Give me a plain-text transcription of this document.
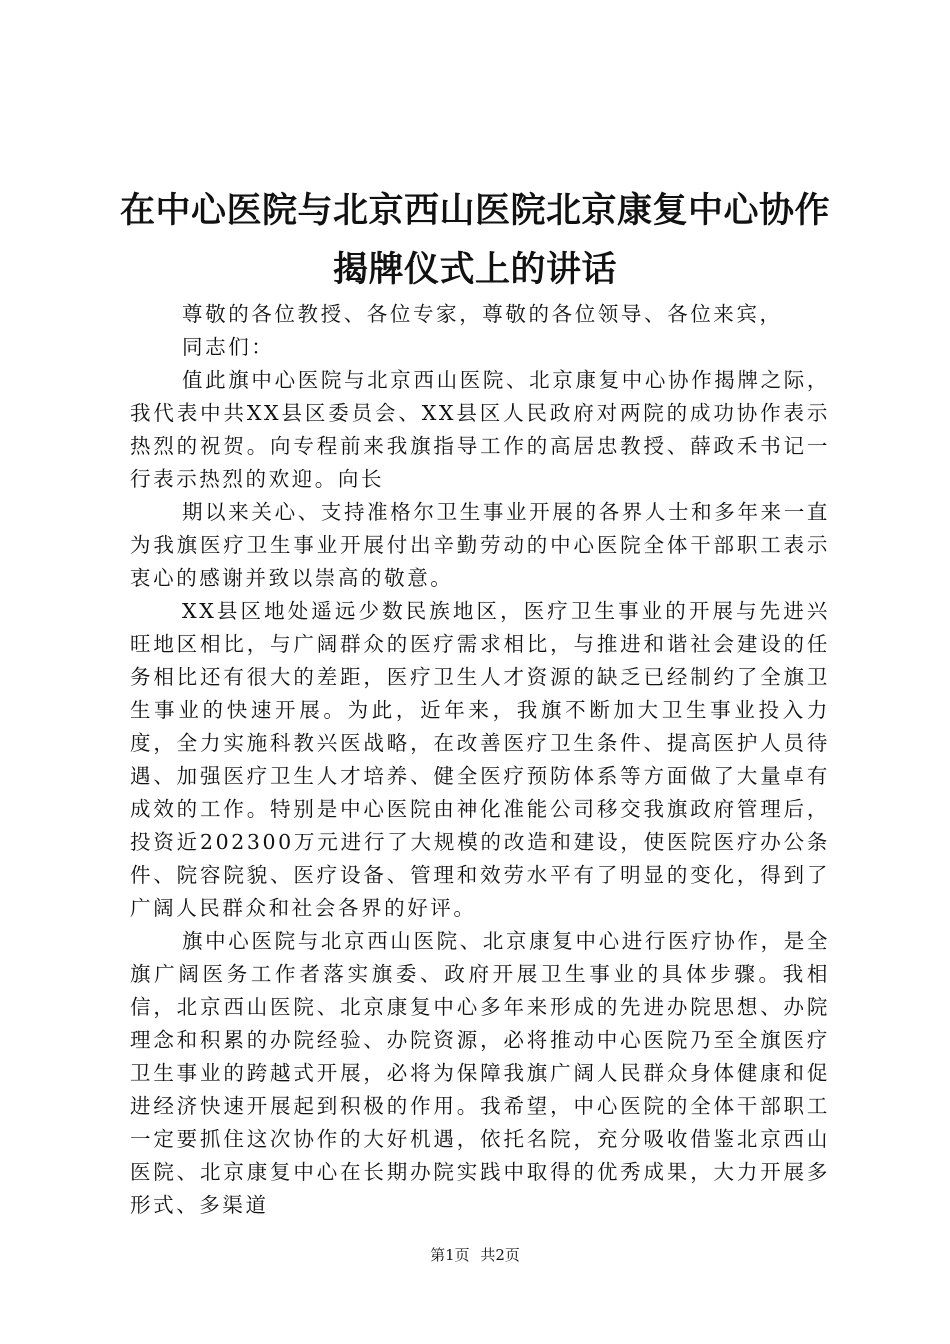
在中心医院与北京西山医院北京康复中心协作
揭牌仪式上的讲话

尊敬的各位教授、各位专家，尊敬的各位领导、各位来宾，

同志们：

值此旗中心医院与北京西山医院、北京康复中心协作揭牌之际，我代表中共XX县区委员会、XX县区人民政府对两院的成功协作表示热烈的祝贺。向专程前来我旗指导工作的高居忠教授、薛政禾书记一行表示热烈的欢迎。向长

期以来关心、支持准格尔卫生事业开展的各界人士和多年来一直为我旗医疗卫生事业开展付出辛勤劳动的中心医院全体干部职工表示衷心的感谢并致以崇高的敬意。

XX县区地处遥远少数民族地区，医疗卫生事业的开展与先进兴旺地区相比，与广阔群众的医疗需求相比，与推进和谐社会建设的任务相比还有很大的差距，医疗卫生人才资源的缺乏已经制约了全旗卫生事业的快速开展。为此，近年来，我旗不断加大卫生事业投入力度，全力实施科教兴医战略，在改善医疗卫生条件、提高医护人员待遇、加强医疗卫生人才培养、健全医疗预防体系等方面做了大量卓有成效的工作。特别是中心医院由神化准能公司移交我旗政府管理后，投资近202300万元进行了大规模的改造和建设，使医院医疗办公条件、院容院貌、医疗设备、管理和效劳水平有了明显的变化，得到了广阔人民群众和社会各界的好评。

旗中心医院与北京西山医院、北京康复中心进行医疗协作，是全旗广阔医务工作者落实旗委、政府开展卫生事业的具体步骤。我相信，北京西山医院、北京康复中心多年来形成的先进办院思想、办院理念和积累的办院经验、办院资源，必将推动中心医院乃至全旗医疗卫生事业的跨越式开展，必将为保障我旗广阔人民群众身体健康和促进经济快速开展起到积极的作用。我希望，中心医院的全体干部职工一定要抓住这次协作的大好机遇，依托名院，充分吸收借鉴北京西山医院、北京康复中心在长期办院实践中取得的优秀成果，大力开展多形式、多渠道

第1页 共2页
